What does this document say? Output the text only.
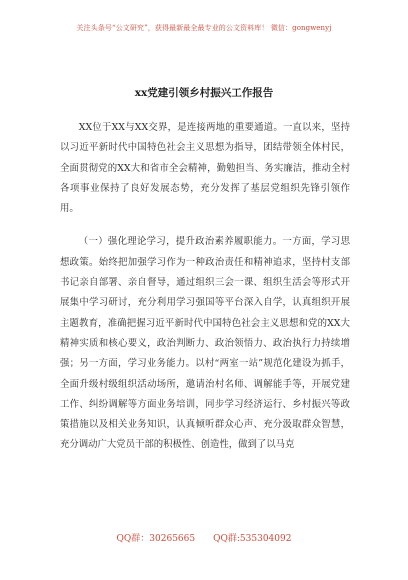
关注头条号“公文研究”，获得最新最全最专业的公文资料库！ 微信：gongwenyj
xx党建引领乡村振兴工作报告

XX位于XX与XX交界，是连接两地的重要通道。一直以来，坚持以习近平新时代中国特色社会主义思想为指导，团结带领全体村民，全面贯彻党的XX大和省市全会精神，勤勉担当、务实廉洁，推动全村各项事业保持了良好发展态势，充分发挥了基层党组织先锋引领作用。

（一）强化理论学习，提升政治素养履职能力。一方面，学习思想政策。始终把加强学习作为一种政治责任和精神追求，坚持村支部书记亲自部署、亲自督导，通过组织三会一课、组织生活会等形式开展集中学习研讨，充分利用学习强国等平台深入自学，认真组织开展主题教育，准确把握习近平新时代中国特色社会主义思想和党的XX大精神实质和核心要义，政治判断力、政治领悟力、政治执行力持续增强；另一方面，学习业务能力。以村“两室一站”规范化建设为抓手，全面升级村级组织活动场所，邀请治村名师、调解能手等，开展党建工作、纠纷调解等方面业务培训，同步学习经济运行、乡村振兴等政策措施以及相关业务知识，认真倾听群众心声、充分汲取群众智慧，充分调动广大党员干部的积极性、创造性，做到了以马克

QQ群：30265665 QQ群:535304092
